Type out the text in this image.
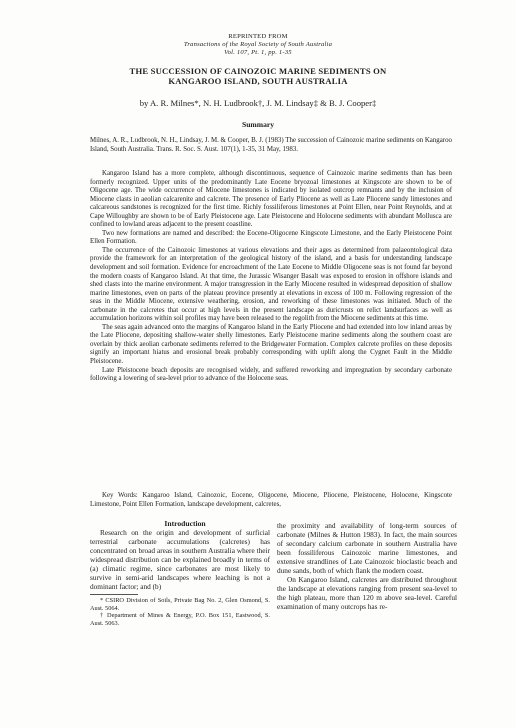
REPRINTED FROM
Transactions of the Royal Society of South Australia
Vol. 107, Pt. 1, pp. 1-35
THE SUCCESSION OF CAINOZOIC MARINE SEDIMENTS ON
KANGAROO ISLAND, SOUTH AUSTRALIA
by A. R. Milnes*, N. H. Ludbrook†, J. M. Lindsay‡ & B. J. Cooper‡
Summary
Milnes, A. R., Ludbrook, N. H., Lindsay, J. M. & Cooper, B. J. (1983) The succession of Cainozoic marine sediments on Kangaroo Island, South Australia. Trans. R. Soc. S. Aust. 107(1), 1-35, 31 May, 1983.

Kangaroo Island has a more complete, although discontinuous, sequence of Cainozoic marine sediments than has been formerly recognized. Upper units of the predominantly Late Eocene bryozoal limestones at Kingscote are shown to be of Oligocene age. The wide occurrence of Miocene limestones is indicated by isolated outcrop remnants and by the inclusion of Miocene clasts in aeolian calcarenite and calcrete. The presence of Early Pliocene as well as Late Pliocene sandy limestones and calcareous sandstones is recognized for the first time. Richly fossiliferous limestones at Point Ellen, near Point Reynolds, and at Cape Willoughby are shown to be of Early Pleistocene age. Late Pleistocene and Holocene sediments with abundant Mollusca are confined to lowland areas adjacent to the present coastline.

Two new formations are named and described: the Eocene-Oligocene Kingscote Limestone, and the Early Pleistocene Point Ellen Formation.

The occurrence of the Cainozoic limestones at various elevations and their ages as determined from palaeontological data provide the framework for an interpretation of the geological history of the island, and a basis for understanding landscape development and soil formation. Evidence for encroachment of the Late Eocene to Middle Oligocene seas is not found far beyond the modern coasts of Kangaroo Island. At that time, the Jurassic Wisanger Basalt was exposed to erosion in offshore islands and shed clasts into the marine environment. A major transgression in the Early Miocene resulted in widespread deposition of shallow marine limestones, even on parts of the plateau province presently at elevations in excess of 100 m. Following regression of the seas in the Middle Miocene, extensive weathering, erosion, and reworking of these limestones was initiated. Much of the carbonate in the calcretes that occur at high levels in the present landscape as duricrusts on relict landsurfaces as well as accumulation horizons within soil profiles may have been released to the regolith from the Miocene sediments at this time.

The seas again advanced onto the margins of Kangaroo Island in the Early Pliocene and had extended into low inland areas by the Late Pliocene, depositing shallow-water shelly limestones. Early Pleistocene marine sediments along the southern coast are overlain by thick aeolian carbonate sediments referred to the Bridgewater Formation. Complex calcrete profiles on these deposits signify an important hiatus and erosional break probably corresponding with uplift along the Cygnet Fault in the Middle Pleistocene.

Late Pleistocene beach deposits are recognised widely, and suffered reworking and impregnation by secondary carbonate following a lowering of sea-level prior to advance of the Holocene seas.

Key Words: Kangaroo Island, Cainozoic, Eocene, Oligocene, Miocene, Pliocene, Pleistocene, Holocene, Kingscote Limestone, Point Ellen Formation, landscape development, calcretes,

Introduction

Research on the origin and development of surficial terrestrial carbonate accumulations (calcretes) has concentrated on broad areas in southern Australia where their widespread distribution can be explained broadly in terms of (a) climatic regime, since carbonates are most likely to survive in semi-arid landscapes where leaching is not a dominant factor; and (b)

* CSIRO Division of Soils, Private Bag No. 2, Glen Osmond, S. Aust. 5064.

† Department of Mines & Energy, P.O. Box 151, Eastwood, S. Aust. 5063.

the proximity and availability of long-term sources of carbonate (Milnes & Hutton 1983). In fact, the main sources of secondary calcium carbonate in southern Australia have been fossiliferous Cainozoic marine limestones, and extensive strandlines of Late Cainozoic bioclastic beach and dune sands, both of which flank the modern coast.

On Kangaroo Island, calcretes are distributed throughout the landscape at elevations ranging from present sea-level to the high plateau, more than 120 m above sea-level. Careful examination of many outcrops has re-
